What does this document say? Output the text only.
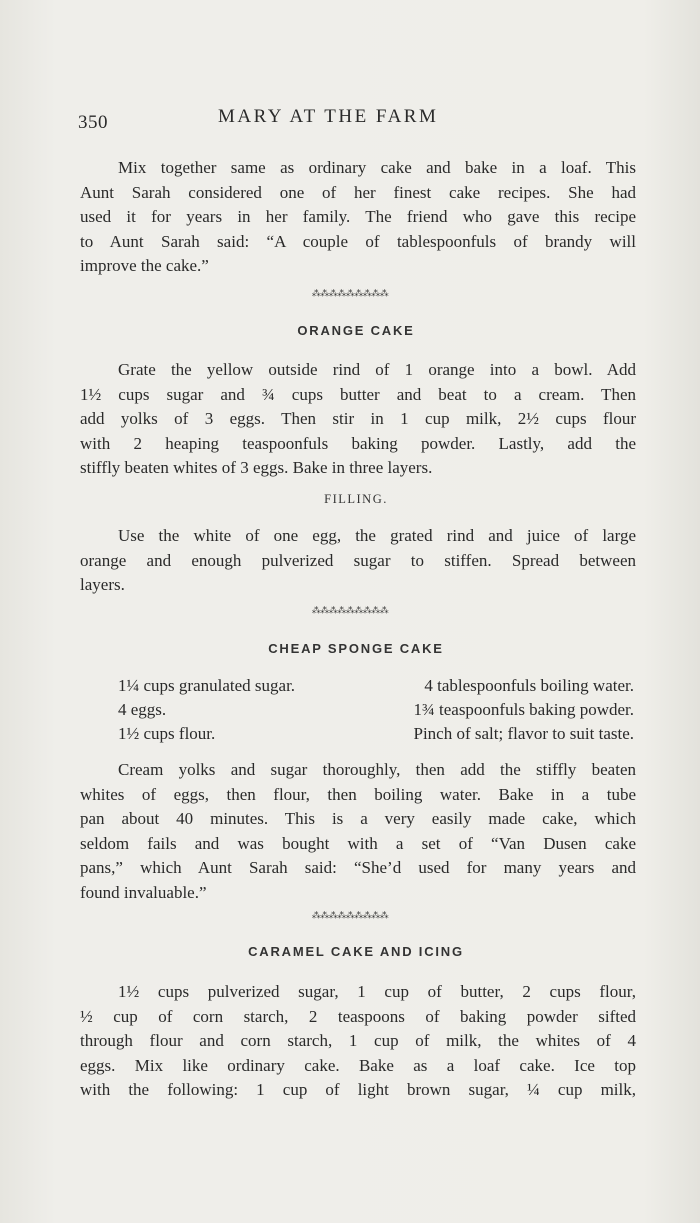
350	MARY AT THE FARM
Mix together same as ordinary cake and bake in a loaf. This
Aunt Sarah considered one of her finest cake recipes. She had
used it for years in her family. The friend who gave this recipe
to Aunt Sarah said: “A couple of tablespoonfuls of brandy will
improve the cake.”
⁂⁂⁂⁂⁂⁂⁂⁂⁂
ORANGE CAKE
Grate the yellow outside rind of 1 orange into a bowl. Add
1½ cups sugar and ¾ cups butter and beat to a cream. Then
add yolks of 3 eggs. Then stir in 1 cup milk, 2½ cups flour
with 2 heaping teaspoonfuls baking powder. Lastly, add the
stiffly beaten whites of 3 eggs. Bake in three layers.
FILLING.
Use the white of one egg, the grated rind and juice of large
orange and enough pulverized sugar to stiffen. Spread between
layers.
⁂⁂⁂⁂⁂⁂⁂⁂⁂
CHEAP SPONGE CAKE
1¼ cups granulated sugar.	4 tablespoonfuls boiling water.
4 eggs.	1¾ teaspoonfuls baking powder.
1½ cups flour.	Pinch of salt; flavor to suit taste.
Cream yolks and sugar thoroughly, then add the stiffly beaten
whites of eggs, then flour, then boiling water. Bake in a tube
pan about 40 minutes. This is a very easily made cake, which
seldom fails and was bought with a set of “Van Dusen cake
pans,” which Aunt Sarah said: “She’d used for many years and
found invaluable.”
⁂⁂⁂⁂⁂⁂⁂⁂⁂
CARAMEL CAKE AND ICING
1½ cups pulverized sugar, 1 cup of butter, 2 cups flour,
½ cup of corn starch, 2 teaspoons of baking powder sifted
through flour and corn starch, 1 cup of milk, the whites of 4
eggs. Mix like ordinary cake. Bake as a loaf cake. Ice top
with the following: 1 cup of light brown sugar, ¼ cup milk,
